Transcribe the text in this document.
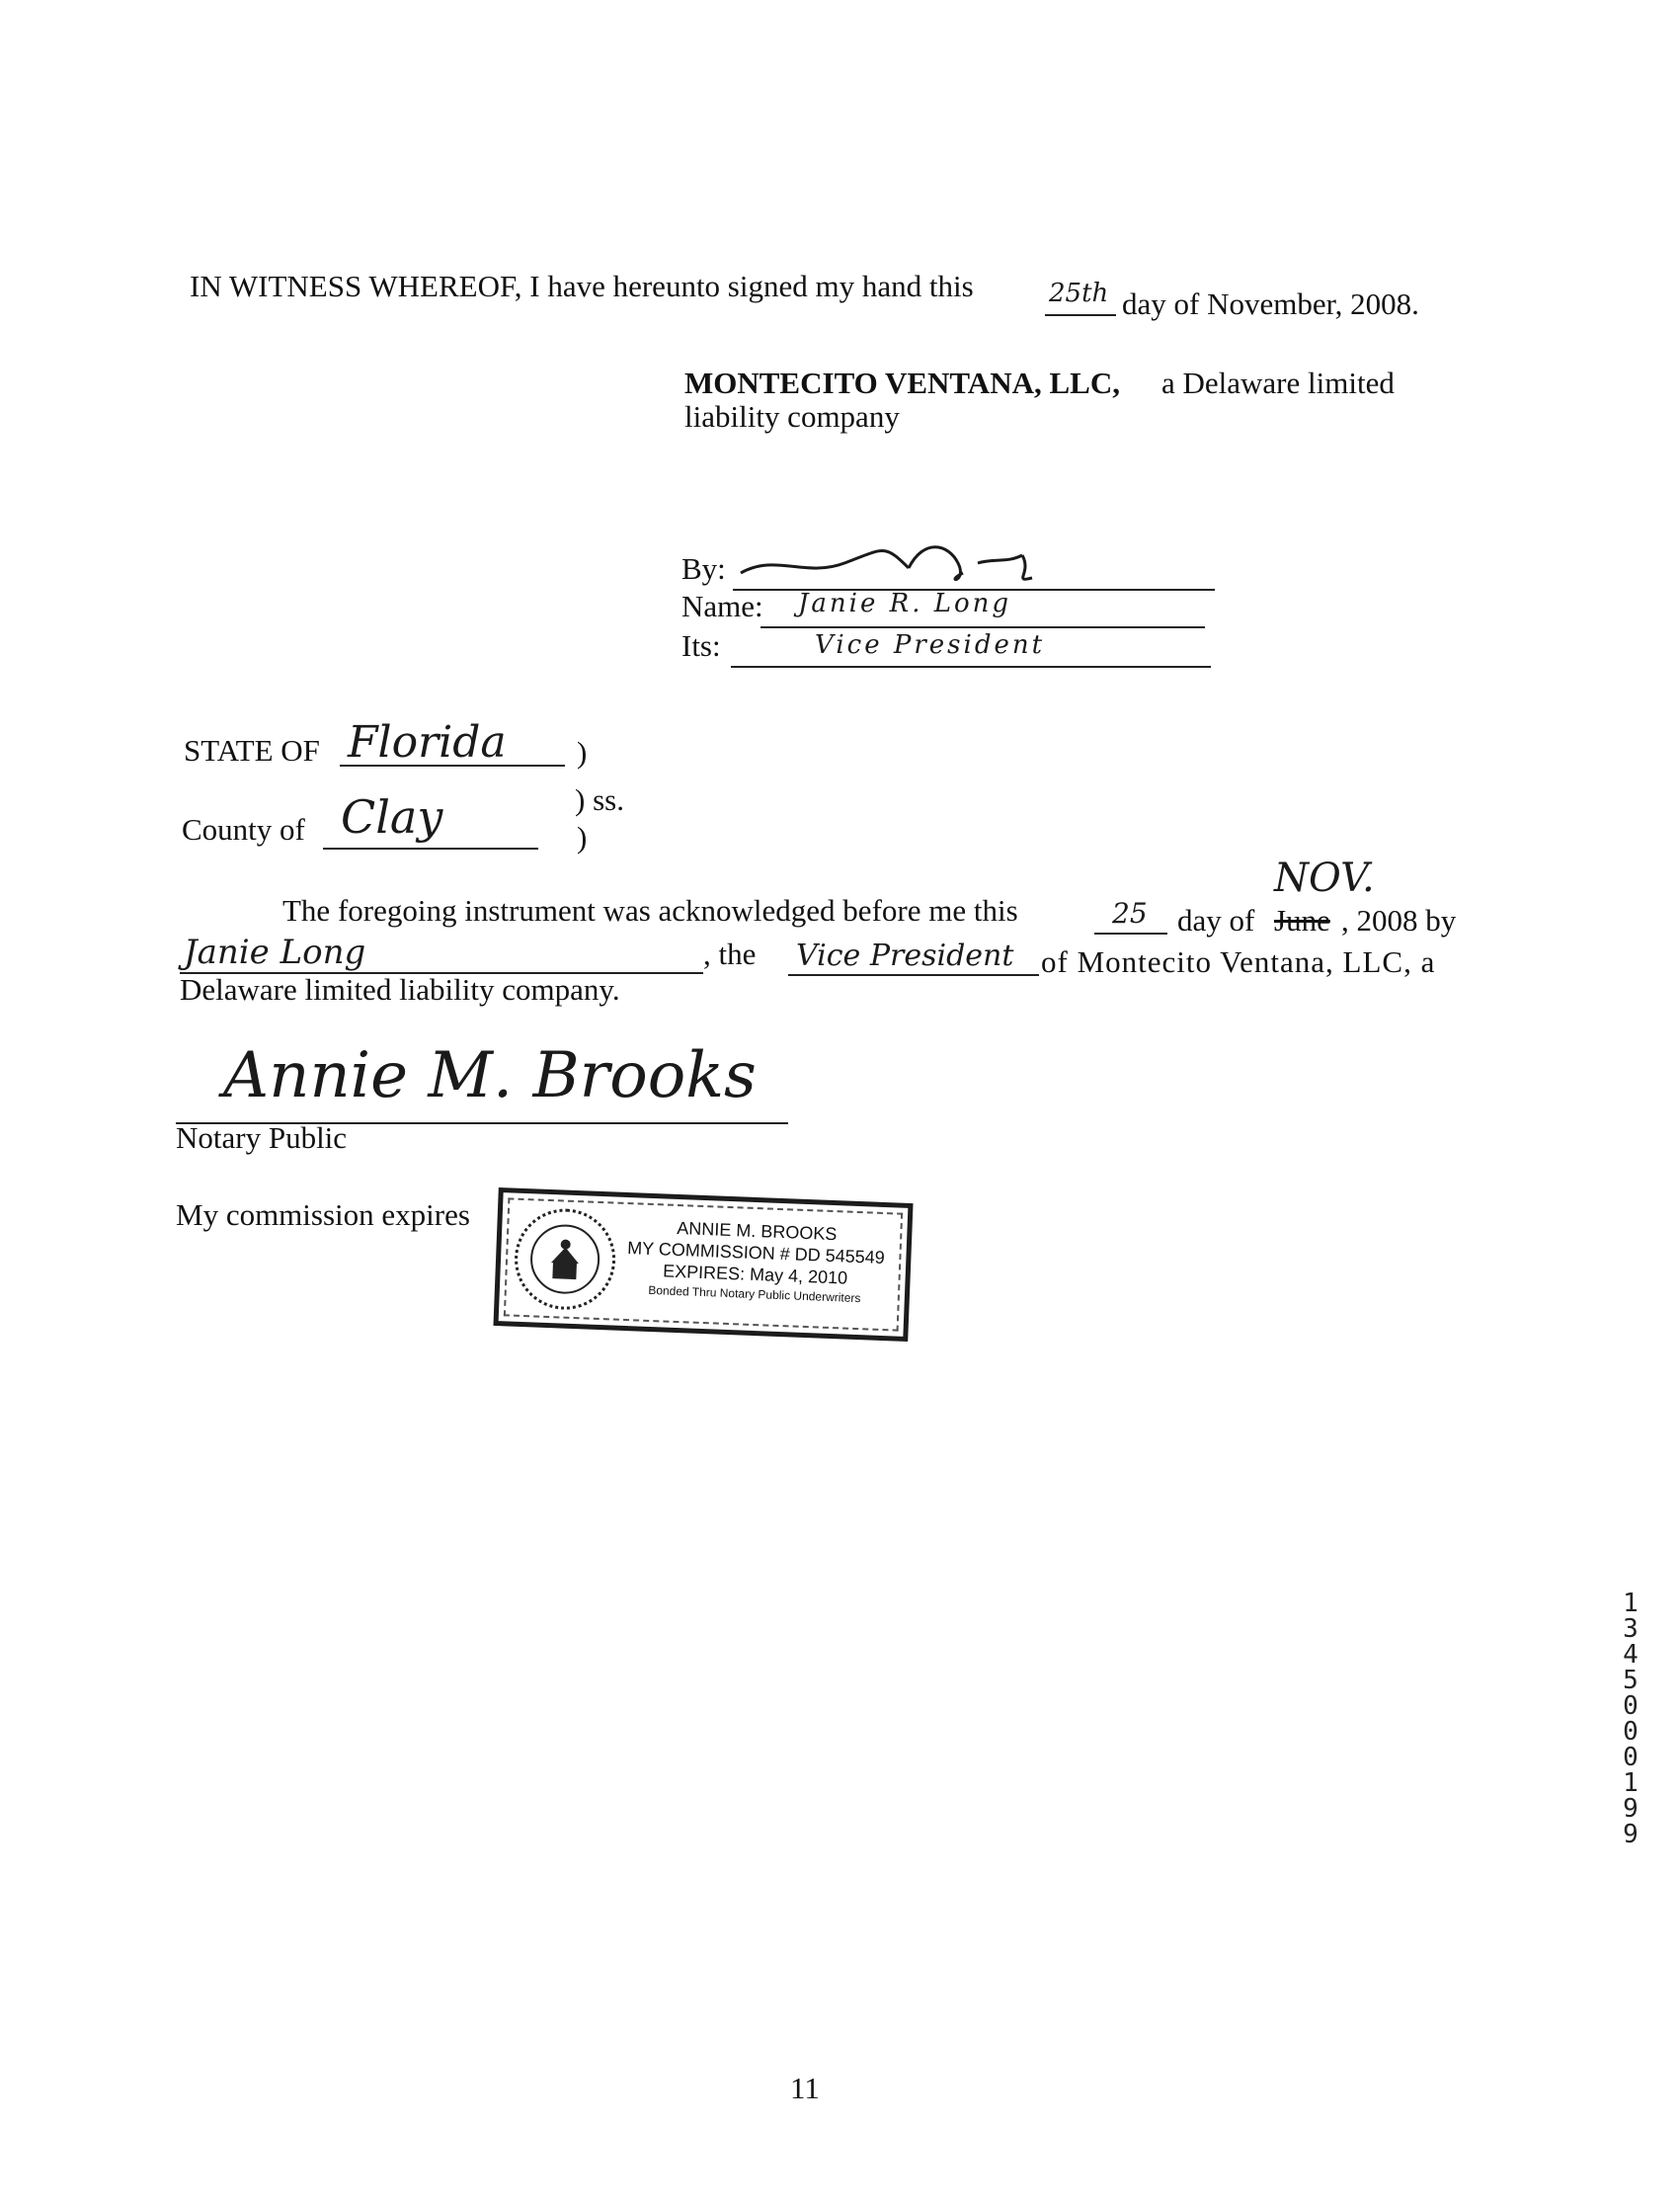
IN WITNESS WHEREOF, I have hereunto signed my hand this	25th day of November, 2008.
MONTECITO VENTANA, LLC, a Delaware limited
liability company
By:
Name: Janie R. Long
Its:	Vice President
STATE OF Florida )
) ss.
County of Clay	)
The foregoing instrument was acknowledged before me this	25 day of June
NOV.
, 2008 by
Janie Long	, the Vice President of Montecito Ventana, LLC, a
Delaware limited liability company.
Annie M. Brooks
Notary Public
My commission expires	ANNIE M. BROOKS
MY COMMISSION # DD 545549
EXPIRES: May 4, 2010
Bonded Thru Notary Public Underwriters
1
3
4
5
0
0
0
1
9
9
11
